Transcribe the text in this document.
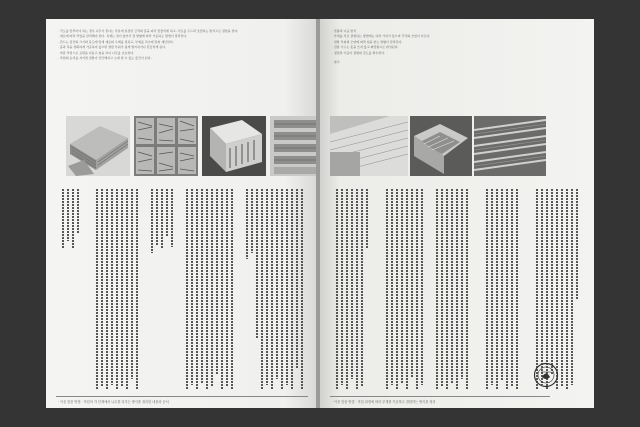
· 각도를 맞추어야 하는 경우 나무가 끝나는 부분에 일정한 간격의 홈을 파서 맞물리게 하고, 서로를 두드려 조립하는 방식으로 결합을 한다.
· 재료에 따라 작업을 달리해야 한다. 목재는 결이 있어서 결 방향에 따라 가공하는 방법이 달라진다.
· 만드는 물건의 크기와 용도에 맞게 재료의 두께를 정하고, 부재를 치수에 맞춰 재단한다.
· 홈과 촉을 정확하게 가공하지 않으면 결합 부위가 쉽게 벌어지거나 흔들리게 된다.
· 마감 작업으로 표면을 다듬고 칠을 하여 나무를 보호한다.
· 작업의 순서를 지키면 결합이 단단해지고 오래 쓸 수 있는 물건이 된다.
· 이음 맞춤 방법 · 작업의 각 단계에서 나무를 다루는 방식을 정리한 내용과 순서
· 맞춤과 이음 방식
· 부재를 서로 결합하는 방법에는 여러 가지가 있으며 각각의 쓰임이 다르다.
· 결합 부위의 모양에 따라 힘을 받는 방향이 달라진다.
· 전통 가구는 못을 쓰지 않고 짜맞춤으로 완성된다.
· 정밀한 가공이 결합의 강도를 좌우한다.
· 참고
· 이음 맞춤 방법 · 작업 과정에 따라 부재를 가공하고 결합하는 방식을 정리
